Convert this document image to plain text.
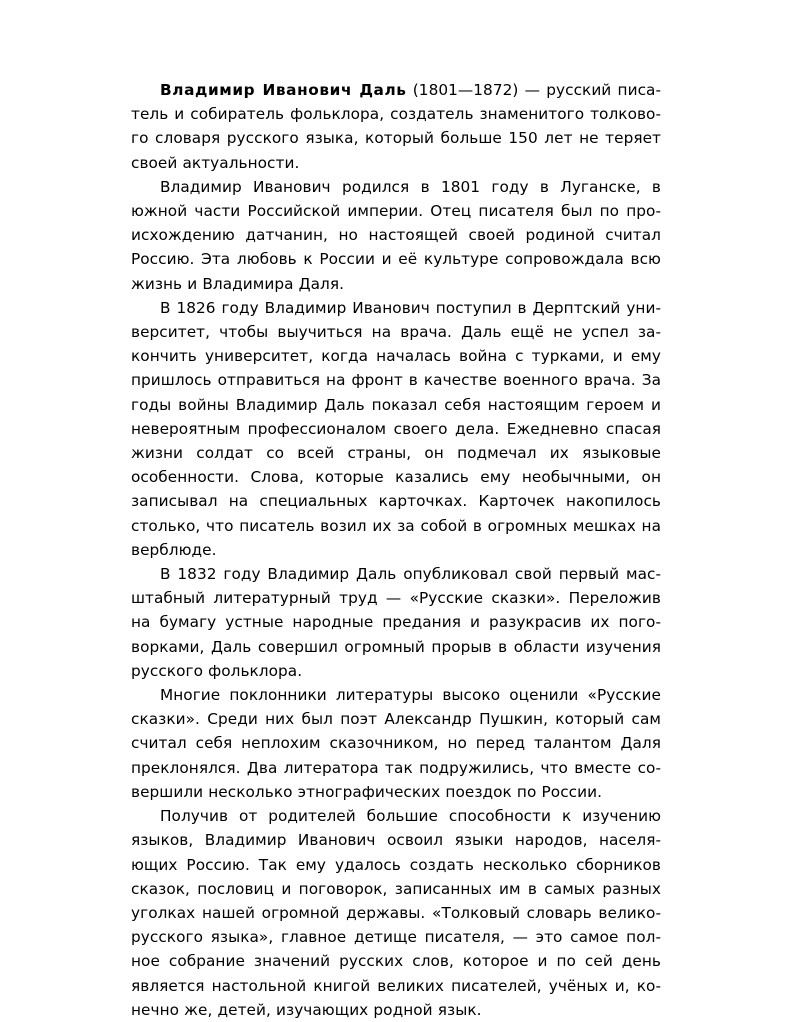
Владимир Иванович Даль (1801—1872) — русский писатель и собиратель фольклора, создатель знаменитого толкового словаря русского языка, который больше 150 лет не теряет своей актуальности.

Владимир Иванович родился в 1801 году в Луганске, в южной части Российской империи. Отец писателя был по происхождению датчанин, но настоящей своей родиной считал Россию. Эта любовь к России и её культуре сопровождала всю жизнь и Владимира Даля.

В 1826 году Владимир Иванович поступил в Дерптский университет, чтобы выучиться на врача. Даль ещё не успел закончить университет, когда началась война с турками, и ему пришлось отправиться на фронт в качестве военного врача. За годы войны Владимир Даль показал себя настоящим героем и невероятным профессионалом своего дела. Ежедневно спасая жизни солдат со всей страны, он подмечал их языковые особенности. Слова, которые казались ему необычными, он записывал на специальных карточках. Карточек накопилось столько, что писатель возил их за собой в огромных мешках на верблюде.

В 1832 году Владимир Даль опубликовал свой первый масштабный литературный труд — «Русские сказки». Переложив на бумагу устные народные предания и разукрасив их поговорками, Даль совершил огромный прорыв в области изучения русского фольклора.

Многие поклонники литературы высоко оценили «Русские сказки». Среди них был поэт Александр Пушкин, который сам считал себя неплохим сказочником, но перед талантом Даля преклонялся. Два литератора так подружились, что вместе совершили несколько этнографических поездок по России.

Получив от родителей большие способности к изучению языков, Владимир Иванович освоил языки народов, населяющих Россию. Так ему удалось создать несколько сборников сказок, пословиц и поговорок, записанных им в самых разных уголках нашей огромной державы. «Толковый словарь великорусского языка», главное детище писателя, — это самое полное собрание значений русских слов, которое и по сей день является настольной книгой великих писателей, учёных и, конечно же, детей, изучающих родной язык.
